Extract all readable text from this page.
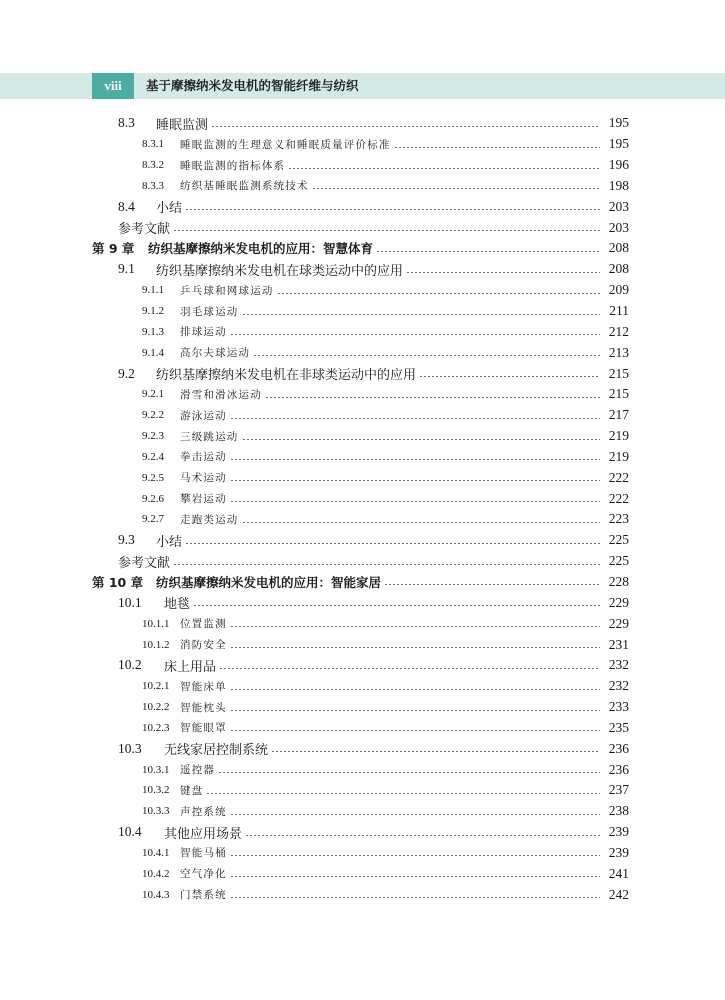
viii	基于摩擦纳米发电机的智能纤维与纺织
8.3	睡眠监测	195
8.3.1	睡眠监测的生理意义和睡眠质量评价标准	195
8.3.2	睡眠监测的指标体系	196
8.3.3	纺织基睡眠监测系统技术	198
8.4	小结	203
参考文献	203
第 9 章	纺织基摩擦纳米发电机的应用：智慧体育	208
9.1	纺织基摩擦纳米发电机在球类运动中的应用	208
9.1.1	乒乓球和网球运动	209
9.1.2	羽毛球运动	211
9.1.3	排球运动	212
9.1.4	高尔夫球运动	213
9.2	纺织基摩擦纳米发电机在非球类运动中的应用	215
9.2.1	滑雪和滑冰运动	215
9.2.2	游泳运动	217
9.2.3	三级跳运动	219
9.2.4	拳击运动	219
9.2.5	马术运动	222
9.2.6	攀岩运动	222
9.2.7	走跑类运动	223
9.3	小结	225
参考文献	225
第 10 章	纺织基摩擦纳米发电机的应用：智能家居	228
10.1	地毯	229
10.1.1	位置监测	229
10.1.2	消防安全	231
10.2	床上用品	232
10.2.1	智能床单	232
10.2.2	智能枕头	233
10.2.3	智能眼罩	235
10.3	无线家居控制系统	236
10.3.1	遥控器	236
10.3.2	键盘	237
10.3.3	声控系统	238
10.4	其他应用场景	239
10.4.1	智能马桶	239
10.4.2	空气净化	241
10.4.3	门禁系统	242
